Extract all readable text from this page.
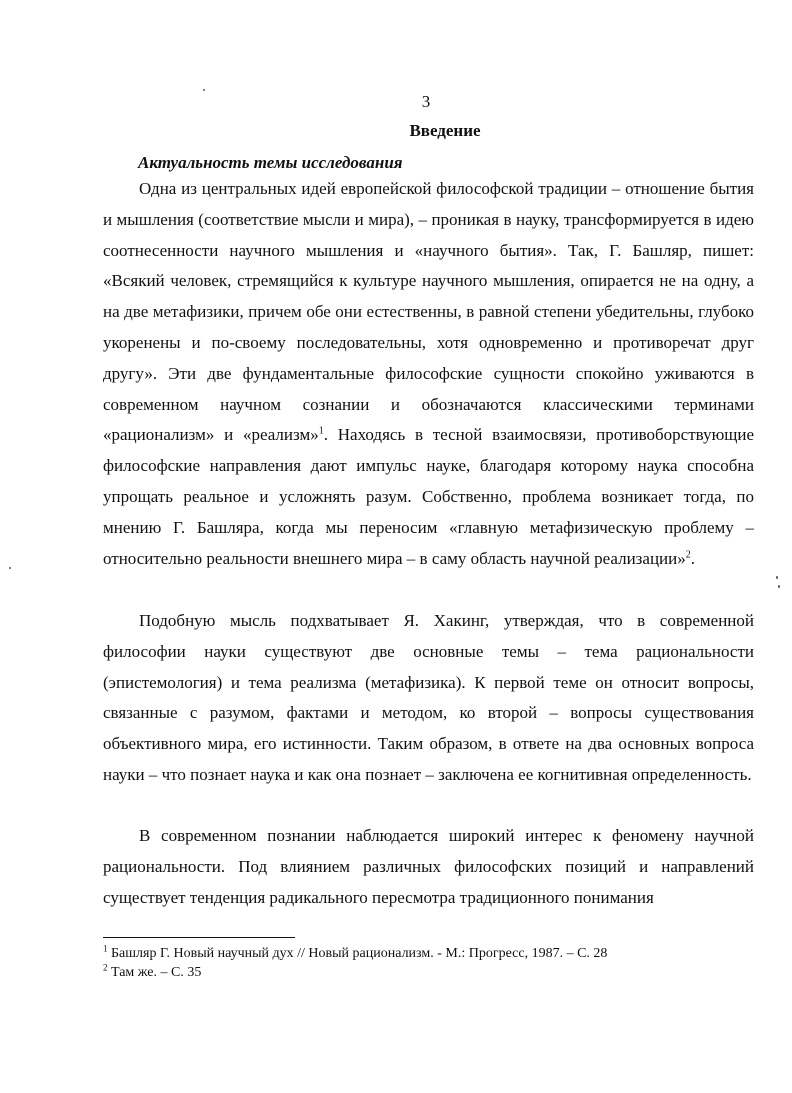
3
Введение
Актуальность темы исследования

Одна из центральных идей европейской философской традиции – отношение бытия и мышления (соответствие мысли и мира), – проникая в науку, трансформируется в идею соотнесенности научного мышления и «научного бытия». Так, Г. Башляр, пишет: «Всякий человек, стремящийся к культуре научного мышления, опирается не на одну, а на две метафизики, причем обе они естественны, в равной степени убедительны, глубоко укоренены и по-своему последовательны, хотя одновременно и противоречат друг другу». Эти две фундаментальные философские сущности спокойно уживаются в современном научном сознании и обозначаются классическими терминами «рационализм» и «реализм»$^1$. Находясь в тесной взаимосвязи, противоборствующие философские направления дают импульс науке, благодаря которому наука способна упрощать реальное и усложнять разум. Собственно, проблема возникает тогда, по мнению Г. Башляра, когда мы переносим «главную метафизическую проблему – относительно реальности внешнего мира – в саму область научной реализации»$^2$.

Подобную мысль подхватывает Я. Хакинг, утверждая, что в современной философии науки существуют две основные темы – тема рациональности (эпистемология) и тема реализма (метафизика). К первой теме он относит вопросы, связанные с разумом, фактами и методом, ко второй – вопросы существования объективного мира, его истинности. Таким образом, в ответе на два основных вопроса науки – что познает наука и как она познает – заключена ее когнитивная определенность.

В современном познании наблюдается широкий интерес к феномену научной рациональности. Под влиянием различных философских позиций и направлений существует тенденция радикального пересмотра традиционного понимания

$^1$ Башляр Г. Новый научный дух // Новый рационализм. - М.: Прогресс, 1987. – С. 28
$^2$ Там же. – С. 35
